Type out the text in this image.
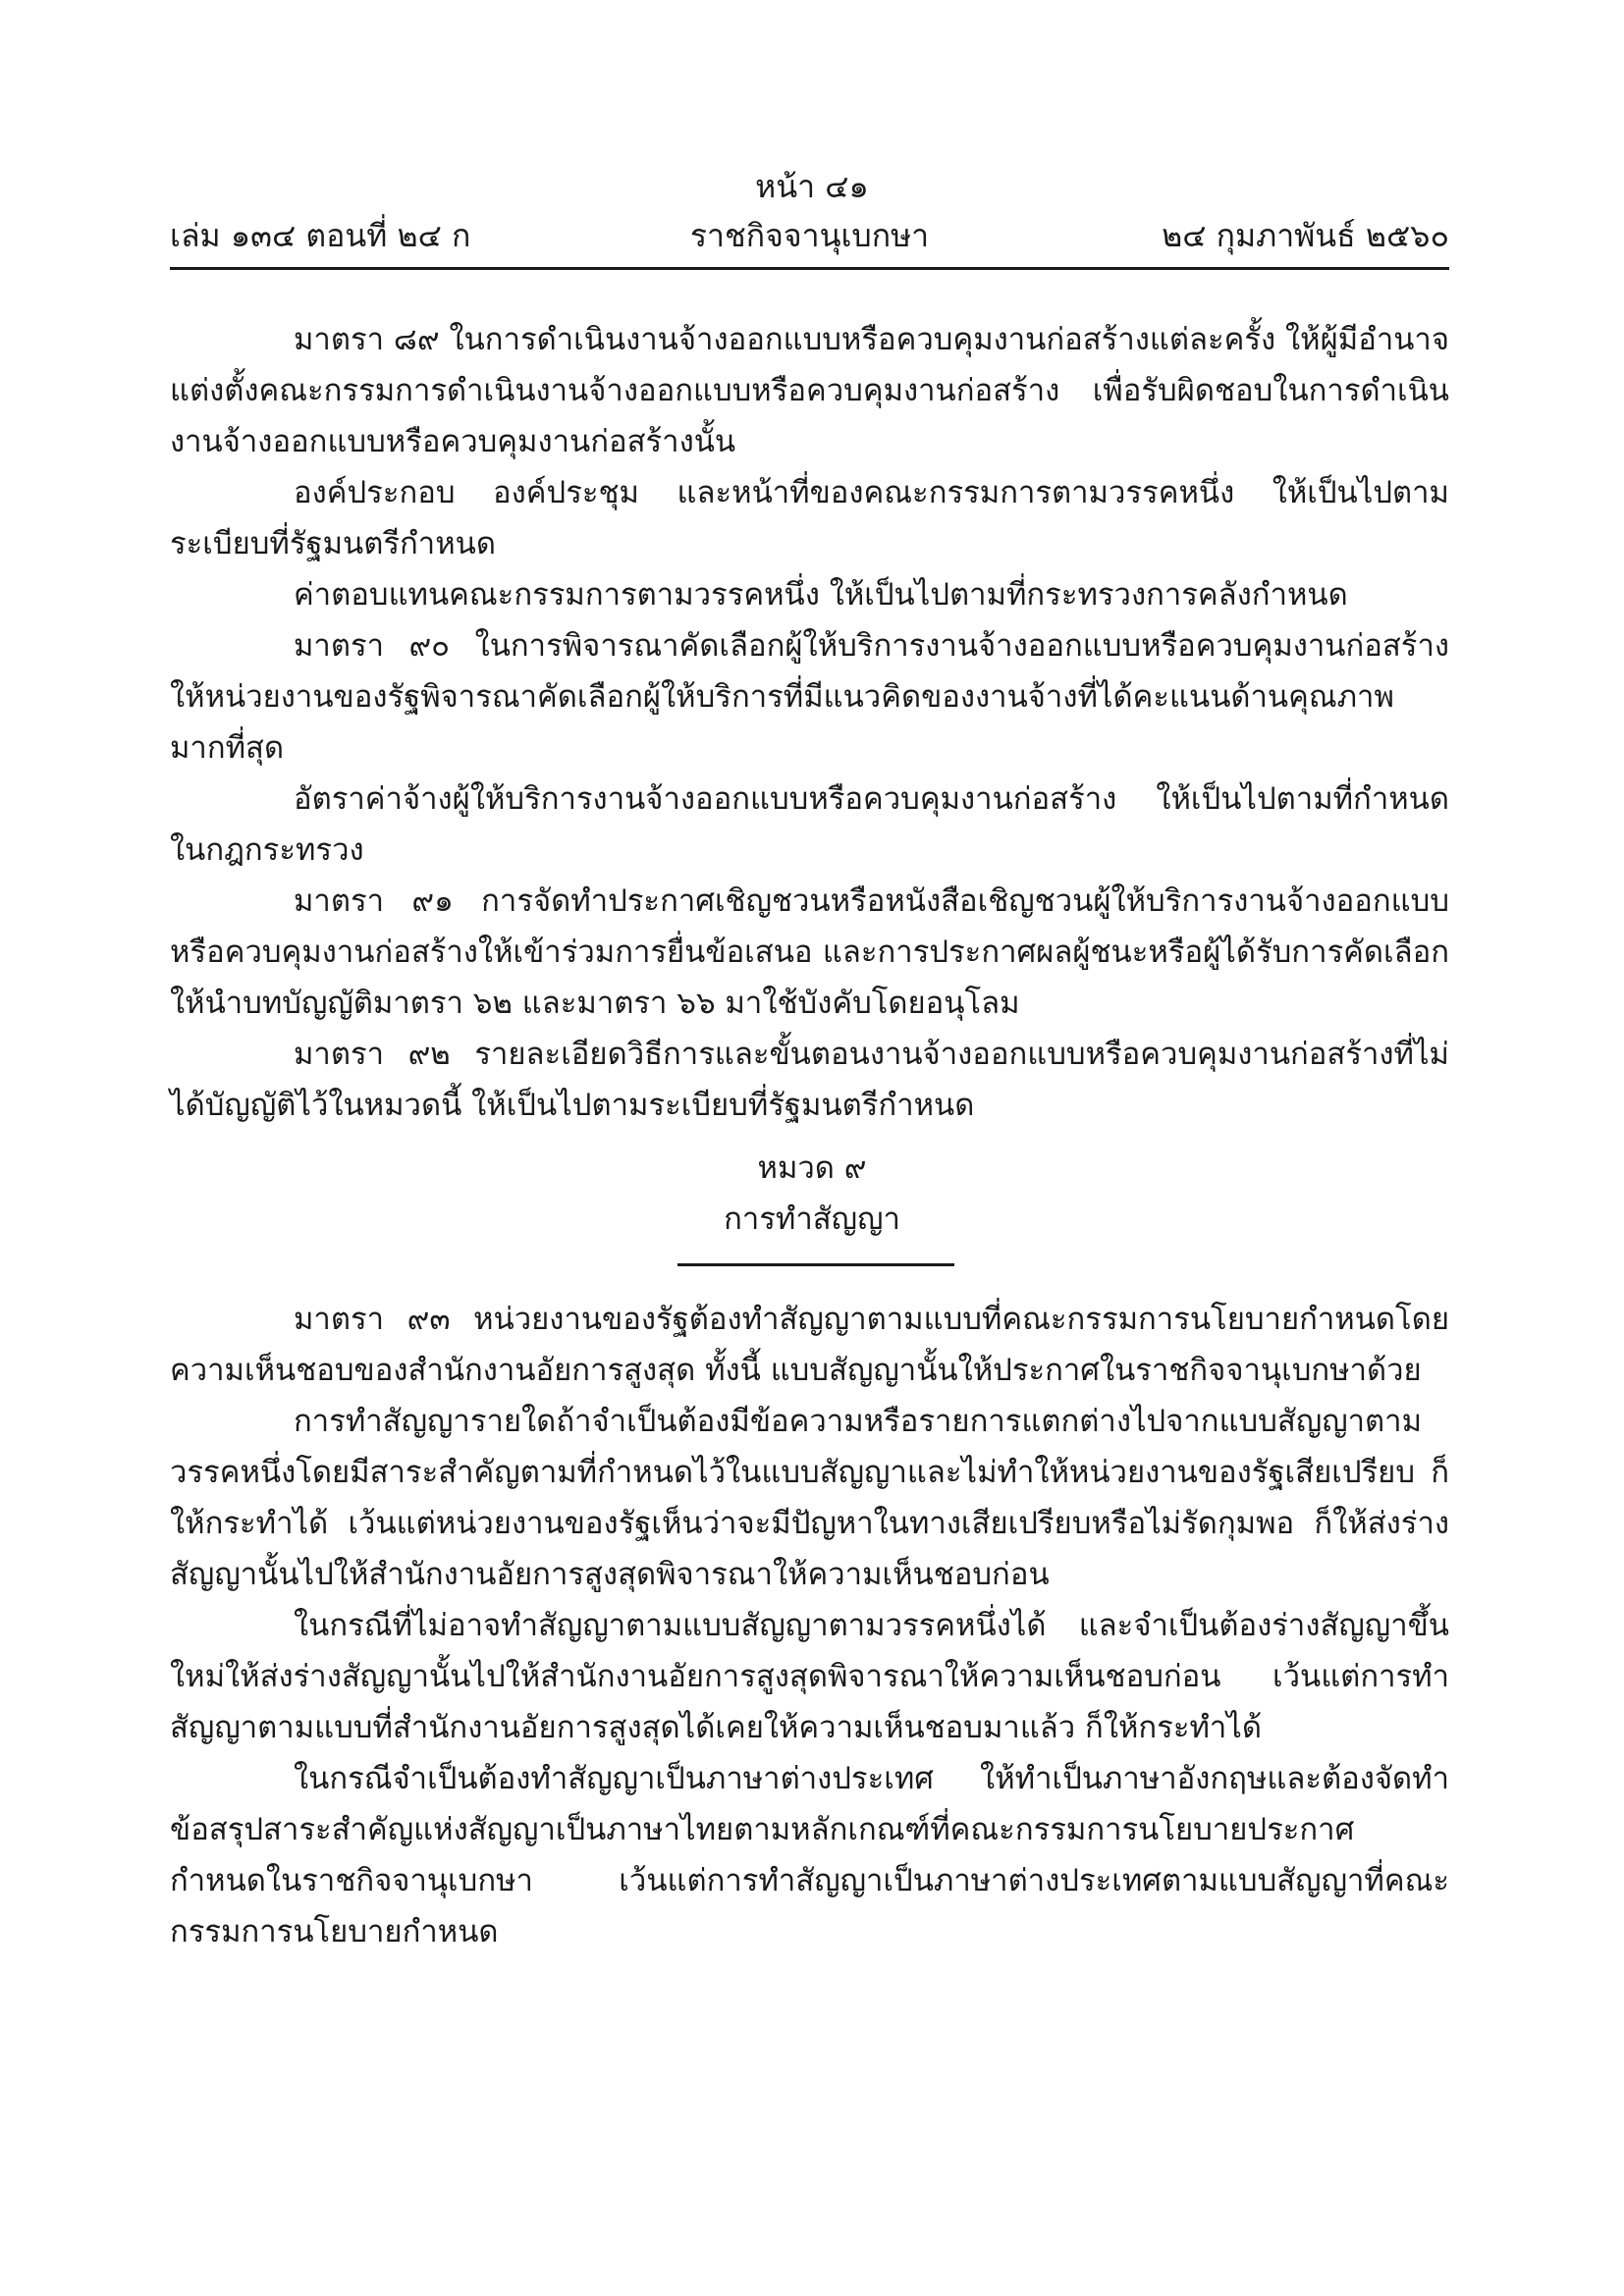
หน้า ๔๑
เล่ม ๑๓๔ ตอนที่ ๒๔ ก	ราชกิจจานุเบกษา	๒๔ กุมภาพันธ์ ๒๕๖๐

มาตรา ๘๙ ในการดำเนินงานจ้างออกแบบหรือควบคุมงานก่อสร้างแต่ละครั้ง ให้ผู้มีอำนาจแต่งตั้งคณะกรรมการดำเนินงานจ้างออกแบบหรือควบคุมงานก่อสร้าง เพื่อรับผิดชอบในการดำเนินงานจ้างออกแบบหรือควบคุมงานก่อสร้างนั้น

องค์ประกอบ องค์ประชุม และหน้าที่ของคณะกรรมการตามวรรคหนึ่ง ให้เป็นไปตามระเบียบที่รัฐมนตรีกำหนด

ค่าตอบแทนคณะกรรมการตามวรรคหนึ่ง ให้เป็นไปตามที่กระทรวงการคลังกำหนด

มาตรา ๙๐ ในการพิจารณาคัดเลือกผู้ให้บริการงานจ้างออกแบบหรือควบคุมงานก่อสร้าง ให้หน่วยงานของรัฐพิจารณาคัดเลือกผู้ให้บริการที่มีแนวคิดของงานจ้างที่ได้คะแนนด้านคุณภาพมากที่สุด

อัตราค่าจ้างผู้ให้บริการงานจ้างออกแบบหรือควบคุมงานก่อสร้าง ให้เป็นไปตามที่กำหนดในกฎกระทรวง

มาตรา ๙๑ การจัดทำประกาศเชิญชวนหรือหนังสือเชิญชวนผู้ให้บริการงานจ้างออกแบบหรือควบคุมงานก่อสร้างให้เข้าร่วมการยื่นข้อเสนอ และการประกาศผลผู้ชนะหรือผู้ได้รับการคัดเลือก ให้นำบทบัญญัติมาตรา ๖๒ และมาตรา ๖๖ มาใช้บังคับโดยอนุโลม

มาตรา ๙๒ รายละเอียดวิธีการและขั้นตอนงานจ้างออกแบบหรือควบคุมงานก่อสร้างที่ไม่ได้บัญญัติไว้ในหมวดนี้ ให้เป็นไปตามระเบียบที่รัฐมนตรีกำหนด

หมวด ๙
การทำสัญญา

มาตรา ๙๓ หน่วยงานของรัฐต้องทำสัญญาตามแบบที่คณะกรรมการนโยบายกำหนดโดยความเห็นชอบของสำนักงานอัยการสูงสุด ทั้งนี้ แบบสัญญานั้นให้ประกาศในราชกิจจานุเบกษาด้วย

การทำสัญญารายใดถ้าจำเป็นต้องมีข้อความหรือรายการแตกต่างไปจากแบบสัญญาตามวรรคหนึ่งโดยมีสาระสำคัญตามที่กำหนดไว้ในแบบสัญญาและไม่ทำให้หน่วยงานของรัฐเสียเปรียบ ก็ให้กระทำได้ เว้นแต่หน่วยงานของรัฐเห็นว่าจะมีปัญหาในทางเสียเปรียบหรือไม่รัดกุมพอ ก็ให้ส่งร่างสัญญานั้นไปให้สำนักงานอัยการสูงสุดพิจารณาให้ความเห็นชอบก่อน

ในกรณีที่ไม่อาจทำสัญญาตามแบบสัญญาตามวรรคหนึ่งได้ และจำเป็นต้องร่างสัญญาขึ้นใหม่ให้ส่งร่างสัญญานั้นไปให้สำนักงานอัยการสูงสุดพิจารณาให้ความเห็นชอบก่อน เว้นแต่การทำสัญญาตามแบบที่สำนักงานอัยการสูงสุดได้เคยให้ความเห็นชอบมาแล้ว ก็ให้กระทำได้

ในกรณีจำเป็นต้องทำสัญญาเป็นภาษาต่างประเทศ ให้ทำเป็นภาษาอังกฤษและต้องจัดทำข้อสรุปสาระสำคัญแห่งสัญญาเป็นภาษาไทยตามหลักเกณฑ์ที่คณะกรรมการนโยบายประกาศกำหนดในราชกิจจานุเบกษา เว้นแต่การทำสัญญาเป็นภาษาต่างประเทศตามแบบสัญญาที่คณะกรรมการนโยบายกำหนด
